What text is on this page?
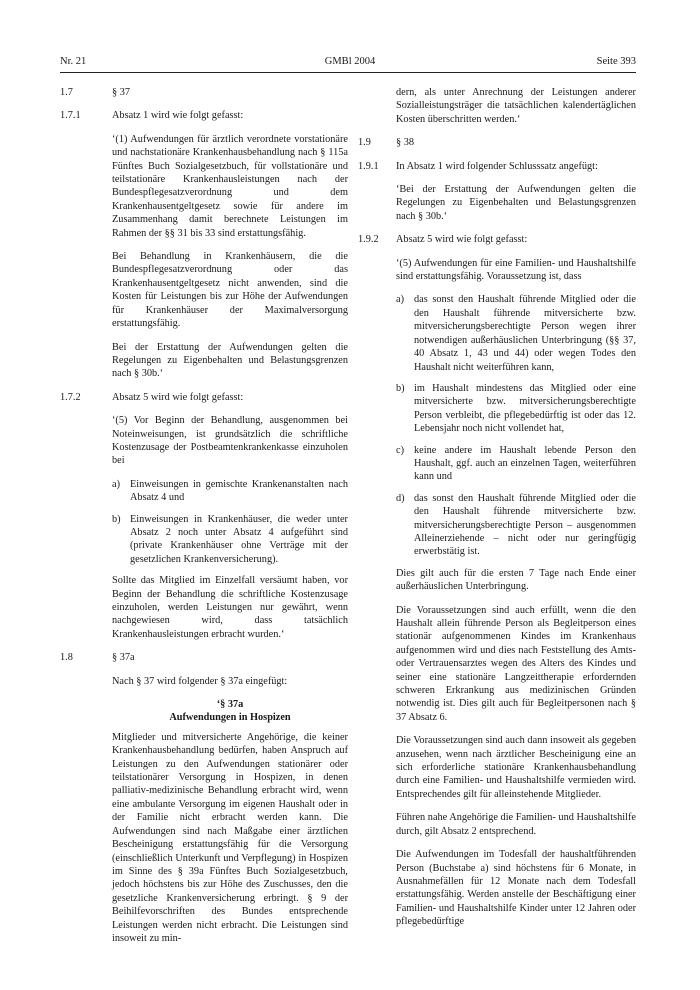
Nr. 21	GMBl 2004	Seite 393
1.7	§ 37
1.7.1	Absatz 1 wird wie folgt gefasst:

‘(1) Aufwendungen für ärztlich verordnete vorstationäre und nachstationäre Krankenhausbehandlung nach § 115a Fünftes Buch Sozialgesetzbuch, für vollstationäre und teilstationäre Krankenhausleistungen nach der Bundespflegesatzverordnung und dem Krankenhausentgeltgesetz sowie für andere im Zusammenhang damit berechnete Leistungen im Rahmen der §§ 31 bis 33 sind erstattungsfähig.

Bei Behandlung in Krankenhäusern, die die Bundespflegesatzverordnung oder das Krankenhausentgeltgesetz nicht anwenden, sind die Kosten für Leistungen bis zur Höhe der Aufwendungen für Krankenhäuser der Maximalversorgung erstattungsfähig.

Bei der Erstattung der Aufwendungen gelten die Regelungen zu Eigenbehalten und Belastungsgrenzen nach § 30b.‘

1.7.2	Absatz 5 wird wie folgt gefasst:

‘(5) Vor Beginn der Behandlung, ausgenommen bei Noteinweisungen, ist grundsätzlich die schriftliche Kostenzusage der Postbeamtenkrankenkasse einzuholen bei

a) Einweisungen in gemischte Krankenanstalten nach Absatz 4 und
b) Einweisungen in Krankenhäuser, die weder unter Absatz 2 noch unter Absatz 4 aufgeführt sind (private Krankenhäuser ohne Verträge mit der gesetzlichen Krankenversicherung).

Sollte das Mitglied im Einzelfall versäumt haben, vor Beginn der Behandlung die schriftliche Kostenzusage einzuholen, werden Leistungen nur gewährt, wenn nachgewiesen wird, dass tatsächlich Krankenhausleistungen erbracht wurden.‘

1.8	§ 37a

Nach § 37 wird folgender § 37a eingefügt:

‘§ 37a
Aufwendungen in Hospizen

Mitglieder und mitversicherte Angehörige, die keiner Krankenhausbehandlung bedürfen, haben Anspruch auf Leistungen zu den Aufwendungen stationärer oder teilstationärer Versorgung in Hospizen, in denen palliativ-medizinische Behandlung erbracht wird, wenn eine ambulante Versorgung im eigenen Haushalt oder in der Familie nicht erbracht werden kann. Die Aufwendungen sind nach Maßgabe einer ärztlichen Bescheinigung erstattungsfähig für die Versorgung (einschließlich Unterkunft und Verpflegung) in Hospizen im Sinne des § 39a Fünftes Buch Sozialgesetzbuch, jedoch höchstens bis zur Höhe des Zuschusses, den die gesetzliche Krankenversicherung erbringt. § 9 der Beihilfevorschriften des Bundes entsprechende Leistungen werden nicht erbracht. Die Leistungen sind insoweit zu min-

dern, als unter Anrechnung der Leistungen anderer Sozialleistungsträger die tatsächlichen kalendertäglichen Kosten überschritten werden.‘

1.9	§ 38
1.9.1	In Absatz 1 wird folgender Schlusssatz angefügt:

‘Bei der Erstattung der Aufwendungen gelten die Regelungen zu Eigenbehalten und Belastungsgrenzen nach § 30b.‘

1.9.2	Absatz 5 wird wie folgt gefasst:

‘(5) Aufwendungen für eine Familien- und Haushaltshilfe sind erstattungsfähig. Voraussetzung ist, dass

a) das sonst den Haushalt führende Mitglied oder die den Haushalt führende mitversicherte bzw. mitversicherungsberechtigte Person wegen ihrer notwendigen außerhäuslichen Unterbringung (§§ 37, 40 Absatz 1, 43 und 44) oder wegen Todes den Haushalt nicht weiterführen kann,
b) im Haushalt mindestens das Mitglied oder eine mitversicherte bzw. mitversicherungsberechtigte Person verbleibt, die pflegebedürftig ist oder das 12. Lebensjahr noch nicht vollendet hat,
c) keine andere im Haushalt lebende Person den Haushalt, ggf. auch an einzelnen Tagen, weiterführen kann und
d) das sonst den Haushalt führende Mitglied oder die den Haushalt führende mitversicherte bzw. mitversicherungsberechtigte Person – ausgenommen Alleinerziehende – nicht oder nur geringfügig erwerbstätig ist.

Dies gilt auch für die ersten 7 Tage nach Ende einer außerhäuslichen Unterbringung.

Die Voraussetzungen sind auch erfüllt, wenn die den Haushalt allein führende Person als Begleitperson eines stationär aufgenommenen Kindes im Krankenhaus aufgenommen wird und dies nach Feststellung des Amts- oder Vertrauensarztes wegen des Alters des Kindes und seiner eine stationäre Langzeittherapie erfordernden schweren Erkrankung aus medizinischen Gründen notwendig ist. Dies gilt auch für Begleitpersonen nach § 37 Absatz 6.

Die Voraussetzungen sind auch dann insoweit als gegeben anzusehen, wenn nach ärztlicher Bescheinigung eine an sich erforderliche stationäre Krankenhausbehandlung durch eine Familien- und Haushaltshilfe vermieden wird. Entsprechendes gilt für alleinstehende Mitglieder.

Führen nahe Angehörige die Familien- und Haushaltshilfe durch, gilt Absatz 2 entsprechend.

Die Aufwendungen im Todesfall der haushaltführenden Person (Buchstabe a) sind höchstens für 6 Monate, in Ausnahmefällen für 12 Monate nach dem Todesfall erstattungsfähig. Werden anstelle der Beschäftigung einer Familien- und Haushaltshilfe Kinder unter 12 Jahren oder pflegebedürftige
